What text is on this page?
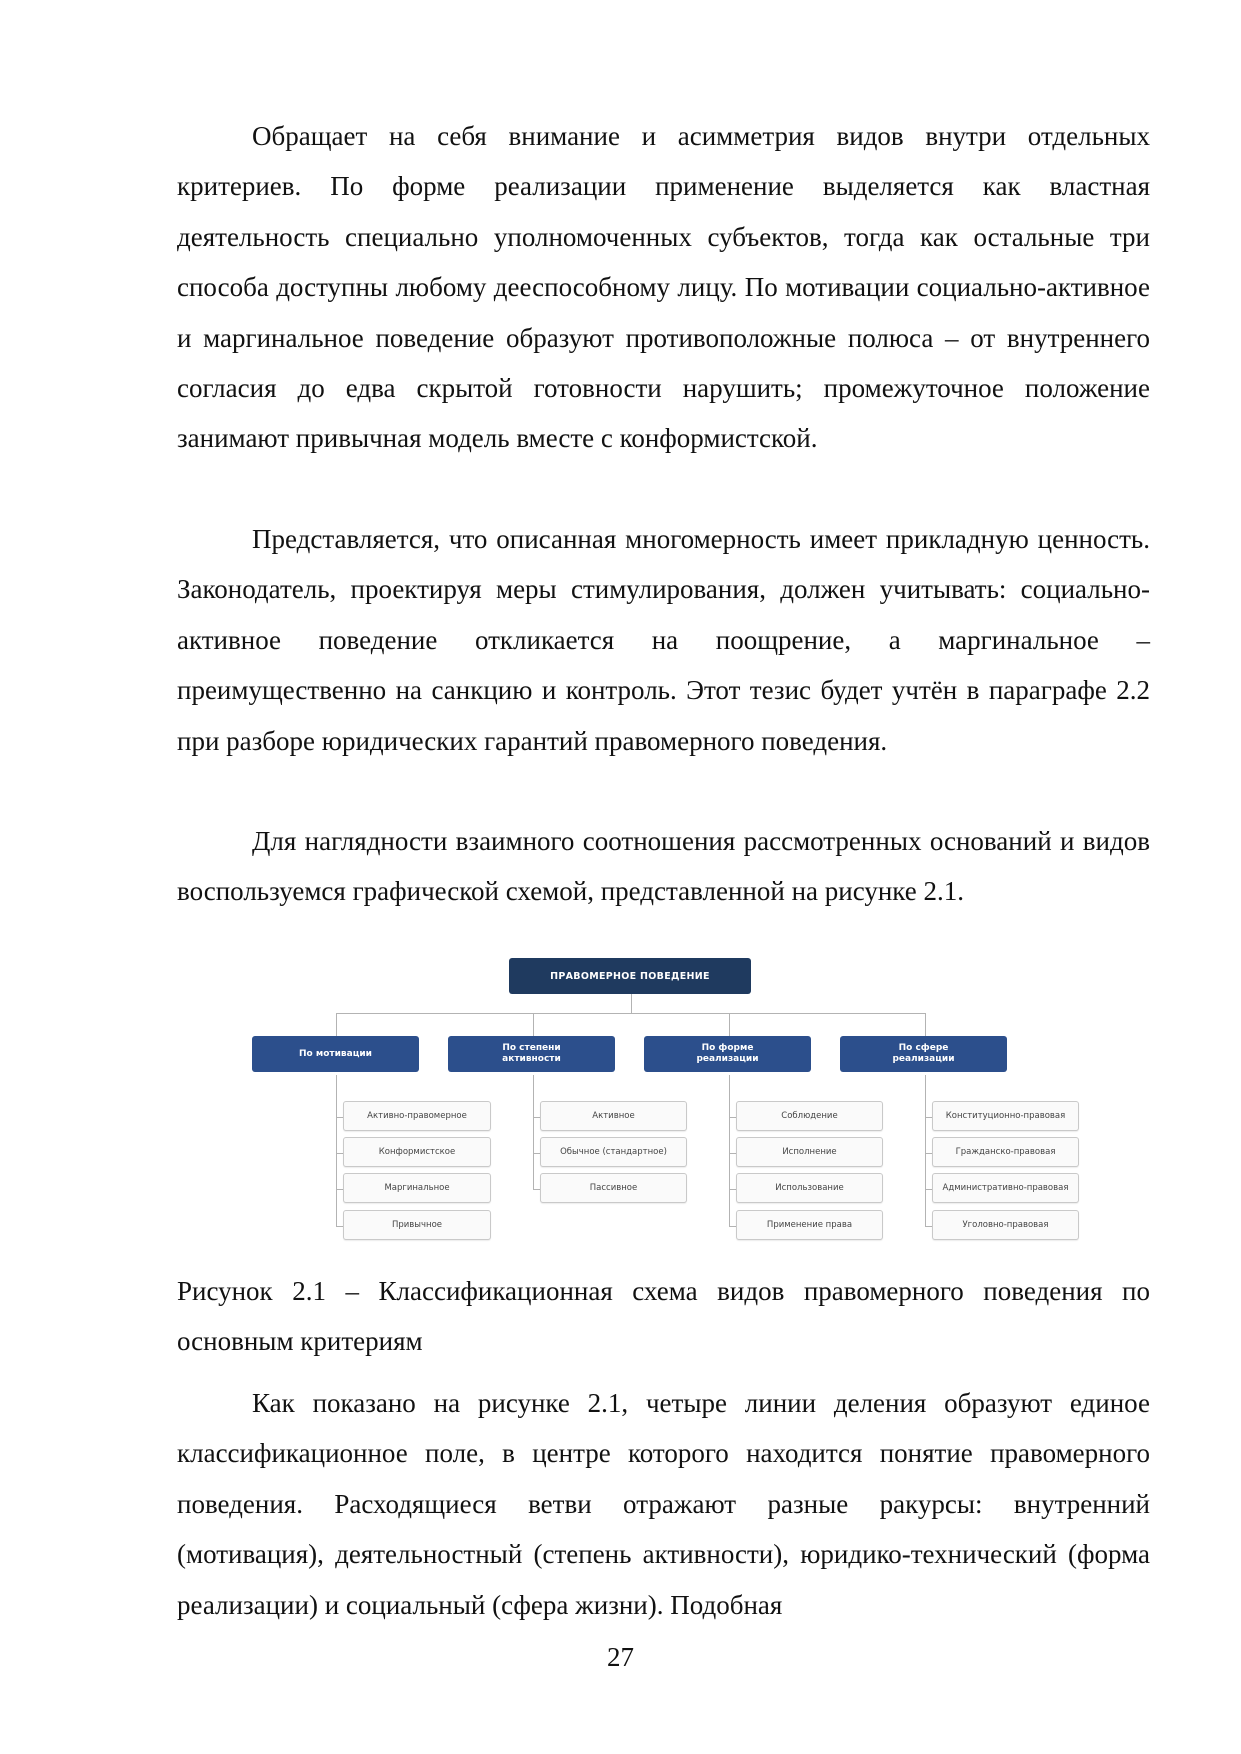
Обращает на себя внимание и асимметрия видов внутри отдельных критериев. По форме реализации применение выделяется как властная деятельность специально уполномоченных субъектов, тогда как остальные три способа доступны любому дееспособному лицу. По мотивации социально-активное и маргинальное поведение образуют противоположные полюса – от внутреннего согласия до едва скрытой готовности нарушить; промежуточное положение занимают привычная модель вместе с конформистской.

Представляется, что описанная многомерность имеет прикладную ценность. Законодатель, проектируя меры стимулирования, должен учитывать: социально-активное поведение откликается на поощрение, а маргинальное – преимущественно на санкцию и контроль. Этот тезис будет учтён в параграфе 2.2 при разборе юридических гарантий правомерного поведения.

Для наглядности взаимного соотношения рассмотренных оснований и видов воспользуемся графической схемой, представленной на рисунке 2.1.

ПРАВОМЕРНОЕ ПОВЕДЕНИЕ
По мотивации
По степени активности
По форме реализации
По сфере реализации
Активно-правомерное
Конформистское
Маргинальное
Привычное
Активное
Обычное (стандартное)
Пассивное
Соблюдение
Исполнение
Использование
Применение права
Конституционно-правовая
Гражданско-правовая
Административно-правовая
Уголовно-правовая

Рисунок 2.1 – Классификационная схема видов правомерного поведения по основным критериям

Как показано на рисунке 2.1, четыре линии деления образуют единое классификационное поле, в центре которого находится понятие правомерного поведения. Расходящиеся ветви отражают разные ракурсы: внутренний (мотивация), деятельностный (степень активности), юридико-технический (форма реализации) и социальный (сфера жизни). Подобная

27
